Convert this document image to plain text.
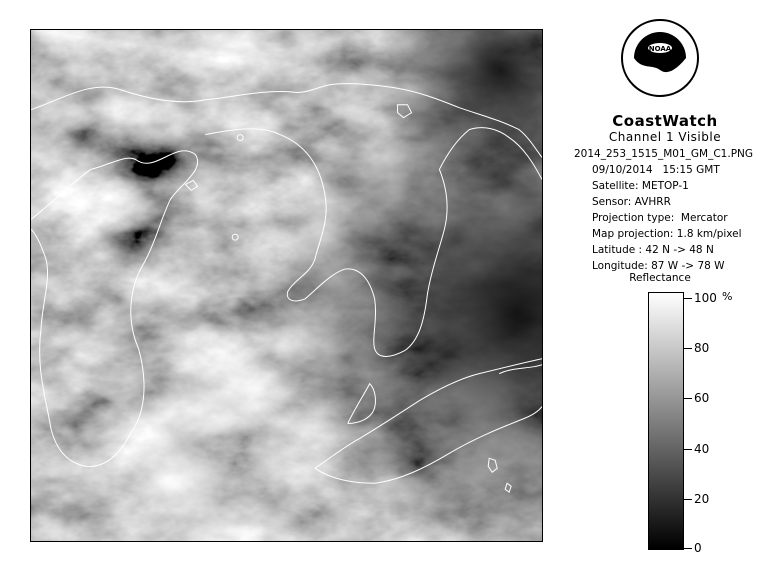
NOAA
CoastWatch
Channel 1 Visible
2014_253_1515_M01_GM_C1.PNG
09/10/2014   15:15 GMT
Satellite: METOP-1
Sensor: AVHRR
Projection type:  Mercator
Map projection: 1.8 km/pixel
Latitude : 42 N -> 48 N
Longitude: 87 W -> 78 W
Reflectance
%
100
80
60
40
20
0
